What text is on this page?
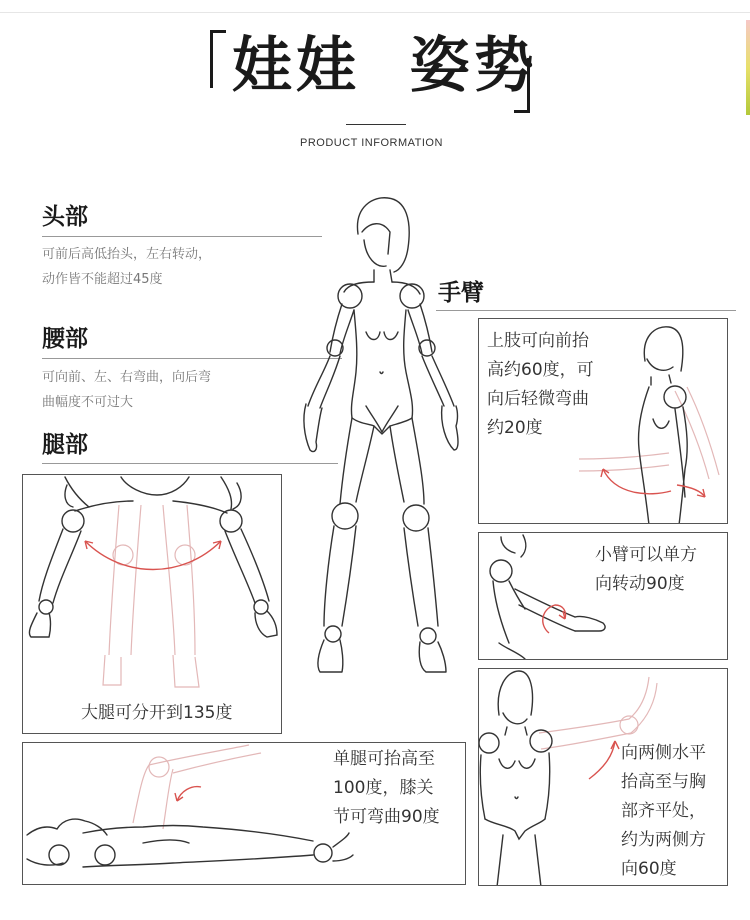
娃娃  姿势
PRODUCT INFORMATION
头部
可前后高低抬头，左右转动，
动作皆不能超过45度
腰部
可向前、左、右弯曲，向后弯
曲幅度不可过大
腿部
手臂
大腿可分开到135度
单腿可抬高至
100度，膝关
节可弯曲90度
上肢可向前抬
高约60度，可
向后轻微弯曲
约20度
小臂可以单方
向转动90度
向两侧水平
抬高至与胸
部齐平处，
约为两侧方
向60度
